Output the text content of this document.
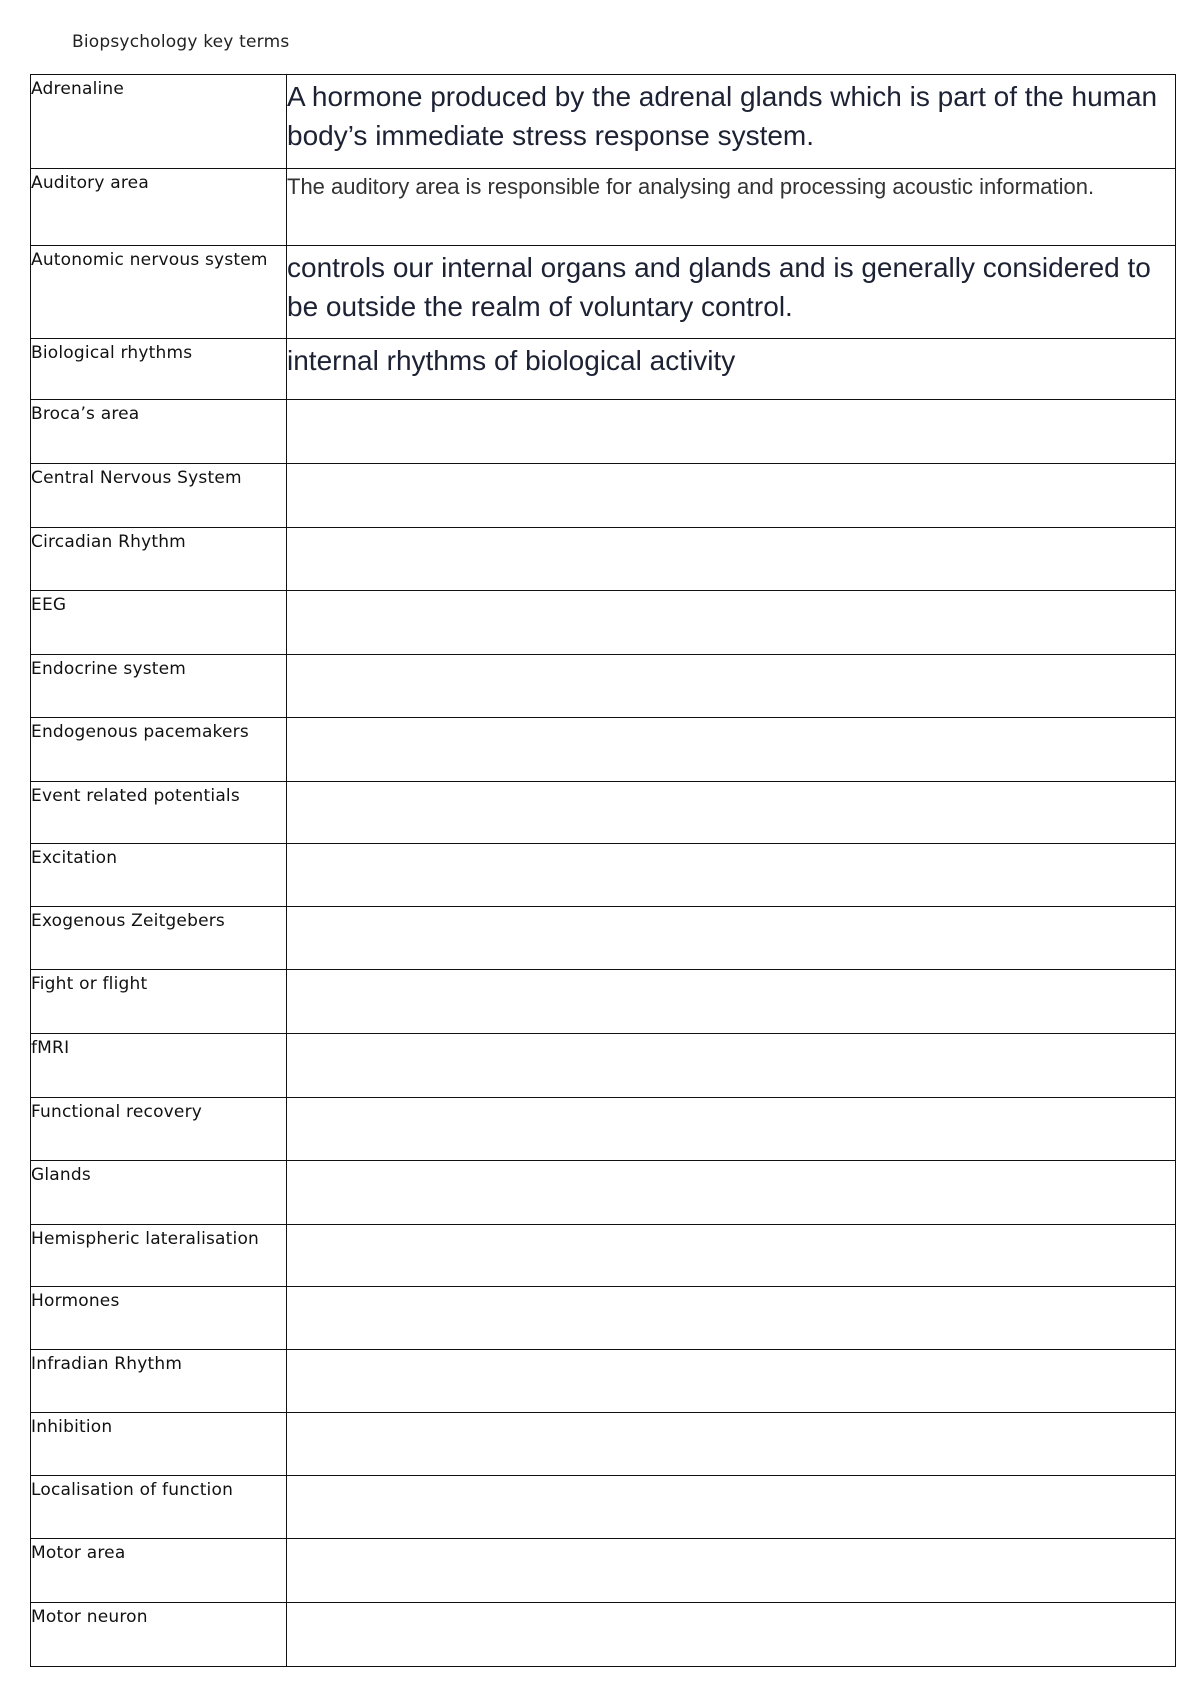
Biopsychology key terms
Adrenaline	A hormone produced by the adrenal glands which is part of the human body’s immediate stress response system.

Auditory area	The auditory area is responsible for analysing and processing acoustic information.

Autonomic nervous system	controls our internal organs and glands and is generally considered to be outside the realm of voluntary control.

Biological rhythms	internal rhythms of biological activity

Broca’s area	

Central Nervous System	

Circadian Rhythm	

EEG	

Endocrine system	

Endogenous pacemakers	

Event related potentials	

Excitation	

Exogenous Zeitgebers	

Fight or flight	

fMRI	

Functional recovery	

Glands	

Hemispheric lateralisation	

Hormones	

Infradian Rhythm	

Inhibition	

Localisation of function	

Motor area	

Motor neuron	
